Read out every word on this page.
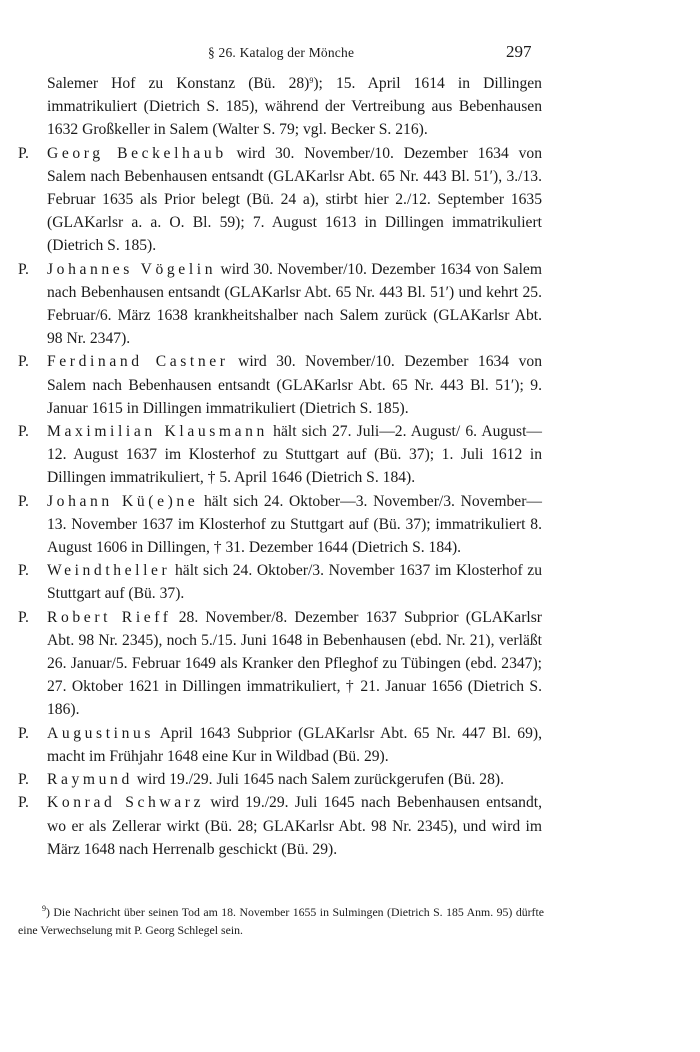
§ 26. Katalog der Mönche	297

Salemer Hof zu Konstanz (Bü. 28)$^9$); 15. April 1614 in Dillingen immatrikuliert (Dietrich S. 185), während der Vertreibung aus Bebenhausen 1632 Großkeller in Salem (Walter S. 79; vgl. Becker S. 216).

P. Georg Beckelhaub wird 30. November/10. Dezember 1634 von Salem nach Bebenhausen entsandt (GLAKarlsr Abt. 65 Nr. 443 Bl. 51′), 3./13. Februar 1635 als Prior belegt (Bü. 24 a), stirbt hier 2./12. September 1635 (GLAKarlsr a. a. O. Bl. 59); 7. August 1613 in Dillingen immatrikuliert (Dietrich S. 185).

P. Johannes Vögelin wird 30. November/10. Dezember 1634 von Salem nach Bebenhausen entsandt (GLAKarlsr Abt. 65 Nr. 443 Bl. 51′) und kehrt 25. Februar/6. März 1638 krankheitshalber nach Salem zurück (GLAKarlsr Abt. 98 Nr. 2347).

P. Ferdinand Castner wird 30. November/10. Dezember 1634 von Salem nach Bebenhausen entsandt (GLAKarlsr Abt. 65 Nr. 443 Bl. 51′); 9. Januar 1615 in Dillingen immatrikuliert (Dietrich S. 185).

P. Maximilian Klausmann hält sich 27. Juli—2. August/ 6. August—12. August 1637 im Klosterhof zu Stuttgart auf (Bü. 37); 1. Juli 1612 in Dillingen immatrikuliert, † 5. April 1646 (Dietrich S. 184).

P. Johann Kü(e)ne hält sich 24. Oktober—3. November/3. November—13. November 1637 im Klosterhof zu Stuttgart auf (Bü. 37); immatrikuliert 8. August 1606 in Dillingen, † 31. Dezember 1644 (Dietrich S. 184).

P. Weindtheller hält sich 24. Oktober/3. November 1637 im Klosterhof zu Stuttgart auf (Bü. 37).

P. Robert Rieff 28. November/8. Dezember 1637 Subprior (GLAKarlsr Abt. 98 Nr. 2345), noch 5./15. Juni 1648 in Bebenhausen (ebd. Nr. 21), verläßt 26. Januar/5. Februar 1649 als Kranker den Pfleghof zu Tübingen (ebd. 2347); 27. Oktober 1621 in Dillingen immatrikuliert, † 21. Januar 1656 (Dietrich S. 186).

P. Augustinus April 1643 Subprior (GLAKarlsr Abt. 65 Nr. 447 Bl. 69), macht im Frühjahr 1648 eine Kur in Wildbad (Bü. 29).

P. Raymund wird 19./29. Juli 1645 nach Salem zurückgerufen (Bü. 28).

P. Konrad Schwarz wird 19./29. Juli 1645 nach Bebenhausen entsandt, wo er als Zellerar wirkt (Bü. 28; GLAKarlsr Abt. 98 Nr. 2345), und wird im März 1648 nach Herrenalb geschickt (Bü. 29).

$^9$) Die Nachricht über seinen Tod am 18. November 1655 in Sulmingen (Dietrich S. 185 Anm. 95) dürfte eine Verwechselung mit P. Georg Schlegel sein.
